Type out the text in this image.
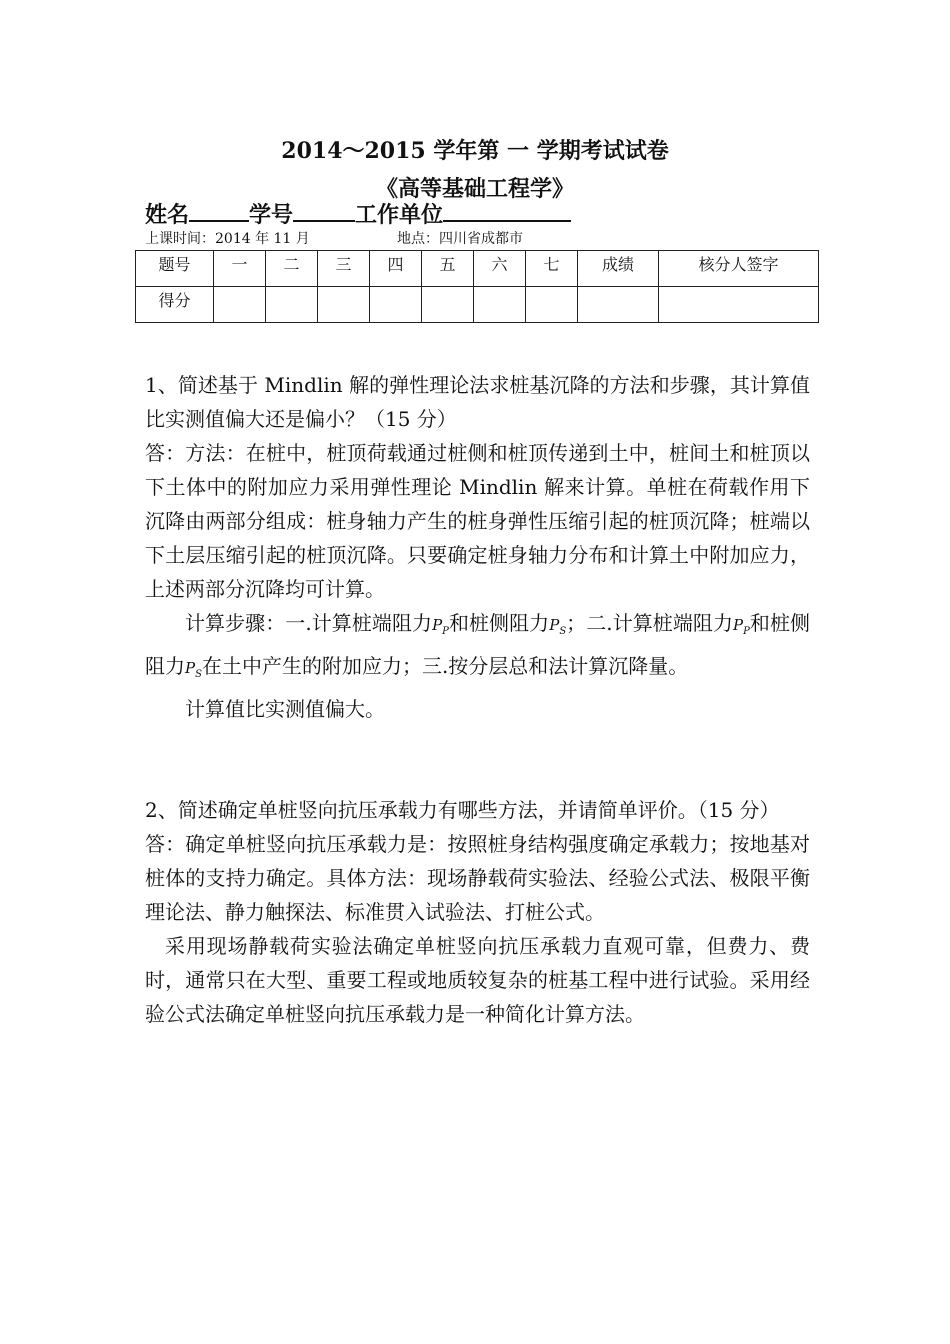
2014～2015 学年第 一 学期考试试卷
《高等基础工程学》
姓名	学号	工作单位
上课时间：2014 年 11 月	地点：四川省成都市
题号	一	二	三	四	五	六	七	成绩	核分人签字
得分									

1、简述基于 Mindlin 解的弹性理论法求桩基沉降的方法和步骤，其计算值比实测值偏大还是偏小？（15 分）

答：方法：在桩中，桩顶荷载通过桩侧和桩顶传递到土中，桩间土和桩顶以下土体中的附加应力采用弹性理论 Mindlin 解来计算。单桩在荷载作用下沉降由两部分组成：桩身轴力产生的桩身弹性压缩引起的桩顶沉降；桩端以下土层压缩引起的桩顶沉降。只要确定桩身轴力分布和计算土中附加应力，上述两部分沉降均可计算。

计算步骤：一.计算桩端阻力$P_P$和桩侧阻力$P_S$；二.计算桩端阻力$P_P$和桩侧阻力$P_S$在土中产生的附加应力；三.按分层总和法计算沉降量。

计算值比实测值偏大。

2、简述确定单桩竖向抗压承载力有哪些方法，并请简单评价。（15 分）

答：确定单桩竖向抗压承载力是：按照桩身结构强度确定承载力；按地基对桩体的支持力确定。具体方法：现场静载荷实验法、经验公式法、极限平衡理论法、静力触探法、标准贯入试验法、打桩公式。

采用现场静载荷实验法确定单桩竖向抗压承载力直观可靠，但费力、费时，通常只在大型、重要工程或地质较复杂的桩基工程中进行试验。采用经验公式法确定单桩竖向抗压承载力是一种简化计算方法。
